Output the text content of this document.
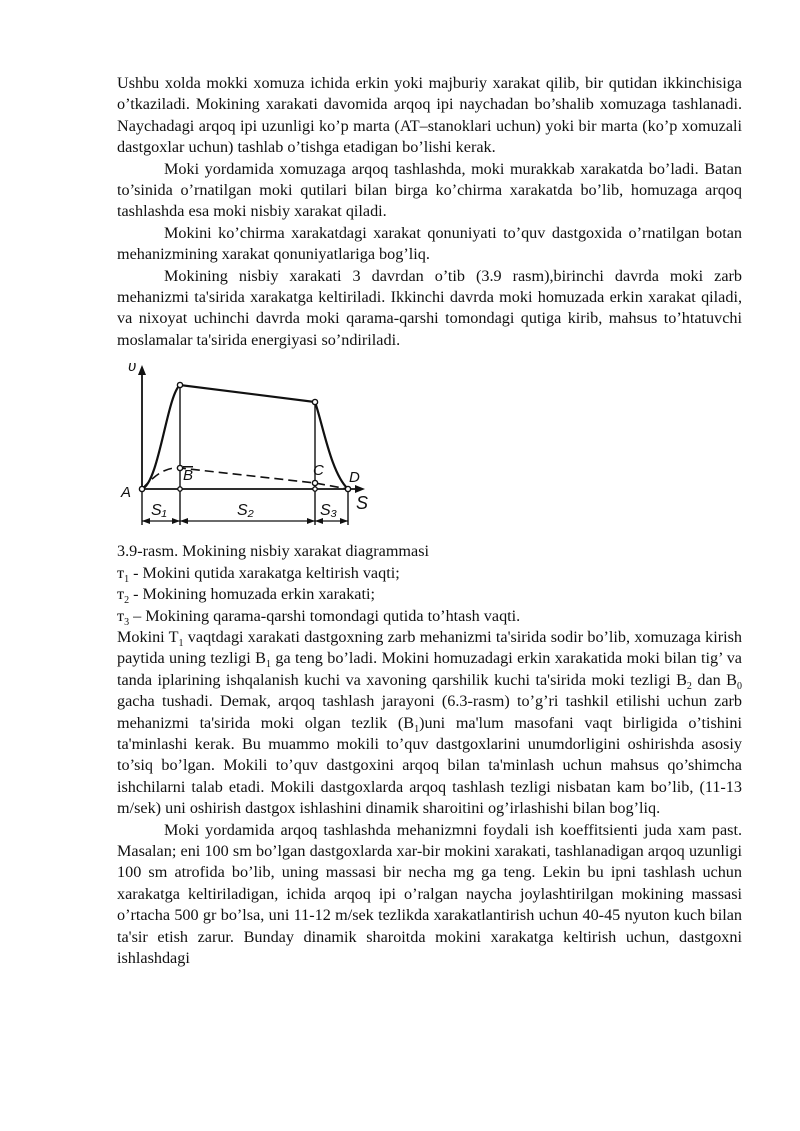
Ushbu xolda mokki xomuza ichida erkin yoki majburiy xarakat qilib, bir qutidan ikkinchisiga o’tkaziladi. Mokining xarakati davomida arqoq ipi naychadan bo’shalib xomuzaga tashlanadi. Naychadagi arqoq ipi uzunligi ko’p marta (AT–stanoklari uchun) yoki bir marta (ko’p xomuzali dastgoxlar uchun) tashlab o’tishga etadigan bo’lishi kerak.

Moki yordamida xomuzaga arqoq tashlashda, moki murakkab xarakatda bo’ladi. Batan to’sinida o’rnatilgan moki qutilari bilan birga ko’chirma xarakatda bo’lib, homuzaga arqoq tashlashda esa moki nisbiy xarakat qiladi.

Mokini ko’chirma xarakatdagi xarakat qonuniyati to’quv dastgoxida o’rnatilgan botan mehanizmining xarakat qonuniyatlariga bog’liq.

Mokining nisbiy xarakati 3 davrdan o’tib (3.9 rasm),birinchi davrda moki zarb mehanizmi ta'sirida xarakatga keltiriladi. Ikkinchi davrda moki homuzada erkin xarakat qiladi, va nixoyat uchinchi davrda moki qarama-qarshi tomondagi qutiga kirib, mahsus to’htatuvchi moslamalar ta'sirida energiyasi so’ndiriladi.

υ
S
A
B	C D
S₁	S₂	S₃
3.9-rasm. Mokining nisbiy xarakat diagrammasi
$т_1$ - Mokini qutida xarakatga keltirish vaqti;
$т_2$ - Mokining homuzada erkin xarakati;
$т_3$ – Mokining qarama-qarshi tomondagi qutida to’htash vaqti.

Mokini $T_1$ vaqtdagi xarakati dastgoxning zarb mehanizmi ta'sirida sodir bo’lib, xomuzaga kirish paytida uning tezligi $B_1$ ga teng bo’ladi. Mokini homuzadagi erkin xarakatida moki bilan tig’ va tanda iplarining ishqalanish kuchi va xavoning qarshilik kuchi ta'sirida moki tezligi $B_2$ dan $B_0$ gacha tushadi. Demak, arqoq tashlash jarayoni (6.3-rasm) to’g’ri tashkil etilishi uchun zarb mehanizmi ta'sirida moki olgan tezlik $(B_1)uni$ ma'lum masofani vaqt birligida o’tishini ta'minlashi kerak. Bu muammo mokili to’quv dastgoxlarini unumdorligini oshirishda asosiy to’siq bo’lgan. Mokili to’quv dastgoxini arqoq bilan ta'minlash uchun mahsus qo’shimcha ishchilarni talab etadi. Mokili dastgoxlarda arqoq tashlash tezligi nisbatan kam bo’lib, (11-13 m/sek) uni oshirish dastgox ishlashini dinamik sharoitini og’irlashishi bilan bog’liq.

Moki yordamida arqoq tashlashda mehanizmni foydali ish koeffitsienti juda xam past. Masalan; eni 100 sm bo’lgan dastgoxlarda xar-bir mokini xarakati, tashlanadigan arqoq uzunligi 100 sm atrofida bo’lib, uning massasi bir necha mg ga teng. Lekin bu ipni tashlash uchun xarakatga keltiriladigan, ichida arqoq ipi o’ralgan naycha joylashtirilgan mokining massasi o’rtacha 500 gr bo’lsa, uni 11-12 m/sek tezlikda xarakatlantirish uchun 40-45 nyuton kuch bilan ta'sir etish zarur. Bunday dinamik sharoitda mokini xarakatga keltirish uchun, dastgoxni ishlashdagi
